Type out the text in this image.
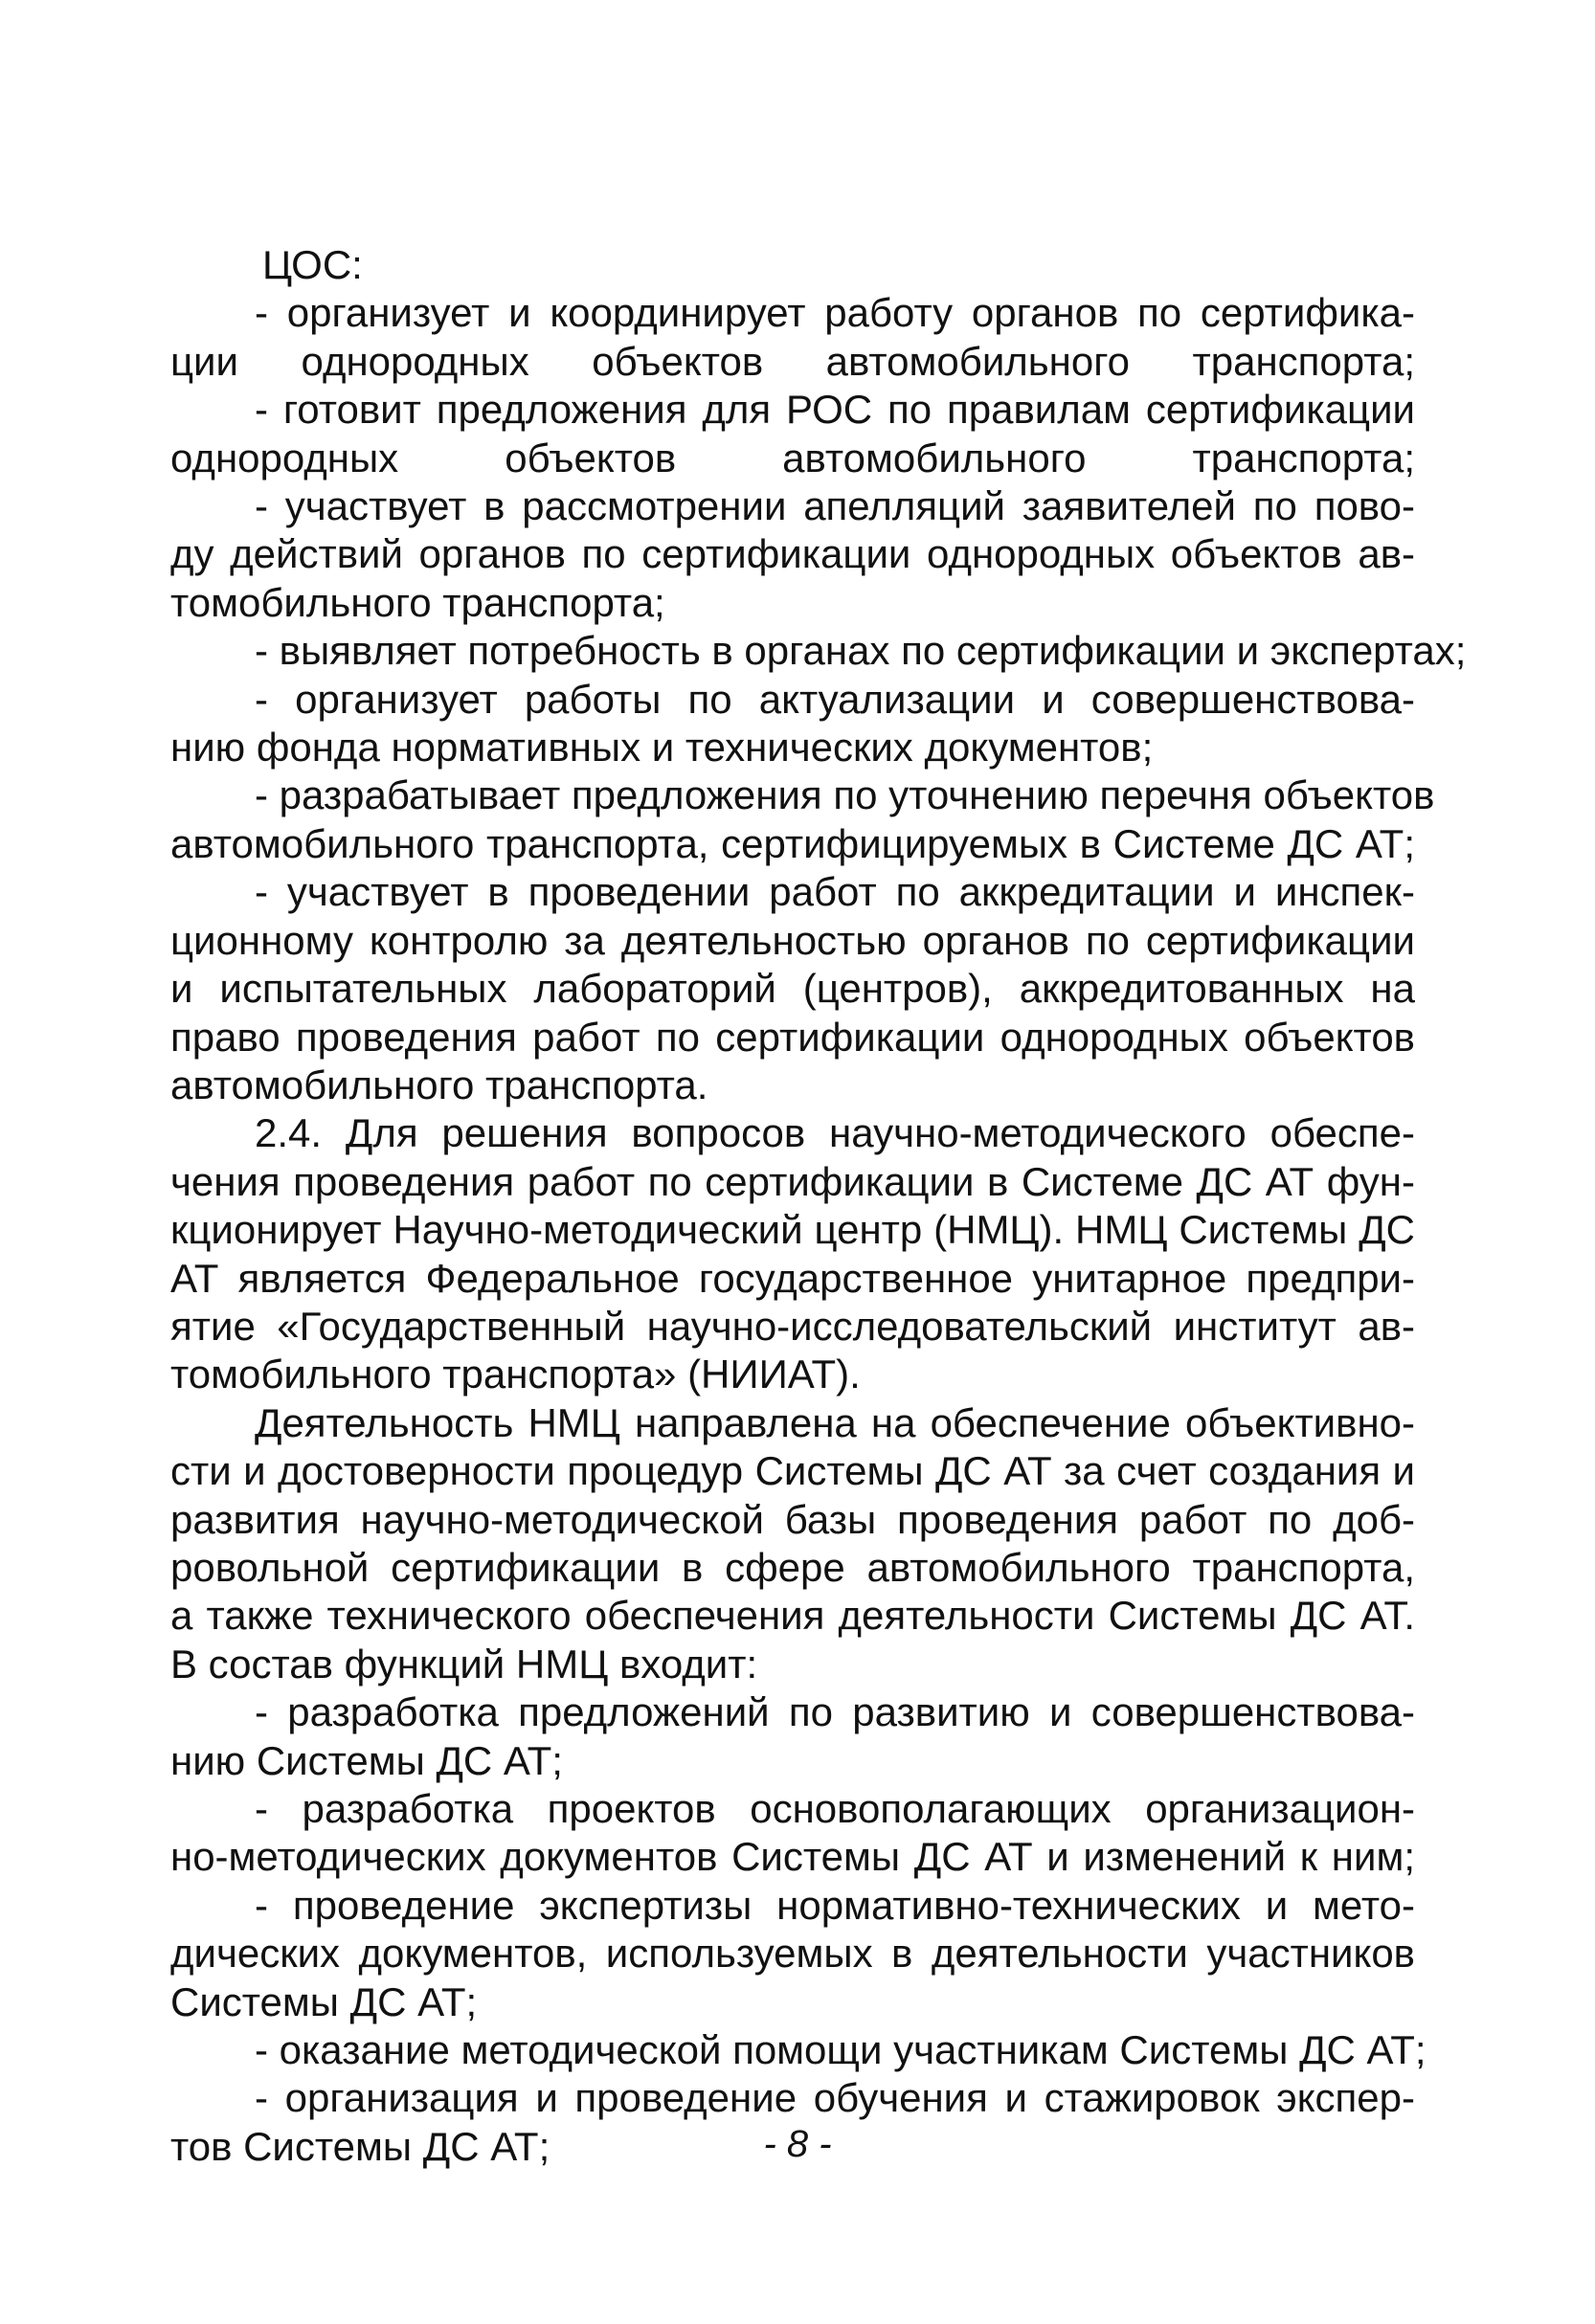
ЦОС:
- организует и координирует работу органов по сертифика-
ции однородных объектов автомобильного транспорта;
- готовит предложения для РОС по правилам сертификации
однородных объектов автомобильного транспорта;
- участвует в рассмотрении апелляций заявителей по пово-
ду действий органов по сертификации однородных объектов ав-
томобильного транспорта;
- выявляет потребность в органах по сертификации и экспертах;
- организует работы по актуализации и совершенствова-
нию фонда нормативных и технических документов;
- разрабатывает предложения по уточнению перечня объектов
автомобильного транспорта, сертифицируемых в Системе ДС АТ;
- участвует в проведении работ по аккредитации и инспек-
ционному контролю за деятельностью органов по сертификации
и испытательных лабораторий (центров), аккредитованных на
право проведения работ по сертификации однородных объектов
автомобильного транспорта.
2.4. Для решения вопросов научно-методического обеспе-
чения проведения работ по сертификации в Системе ДС АТ фун-
кционирует Научно-методический центр (НМЦ). НМЦ Системы ДС
АТ является Федеральное государственное унитарное предпри-
ятие «Государственный научно-исследовательский институт ав-
томобильного транспорта» (НИИАТ).
Деятельность НМЦ направлена на обеспечение объективно-
сти и достоверности процедур Системы ДС АТ за счет создания и
развития научно-методической базы проведения работ по доб-
ровольной сертификации в сфере автомобильного транспорта,
а также технического обеспечения деятельности Системы ДС АТ.
В состав функций НМЦ входит:
- разработка предложений по развитию и совершенствова-
нию Системы ДС АТ;
- разработка проектов основополагающих организацион-
но-методических документов Системы ДС АТ и изменений к ним;
- проведение экспертизы нормативно-технических и мето-
дических документов, используемых в деятельности участников
Системы ДС АТ;
- оказание методической помощи участникам Системы ДС АТ;
- организация и проведение обучения и стажировок экспер-
тов Системы ДС АТ;	- 8 -
